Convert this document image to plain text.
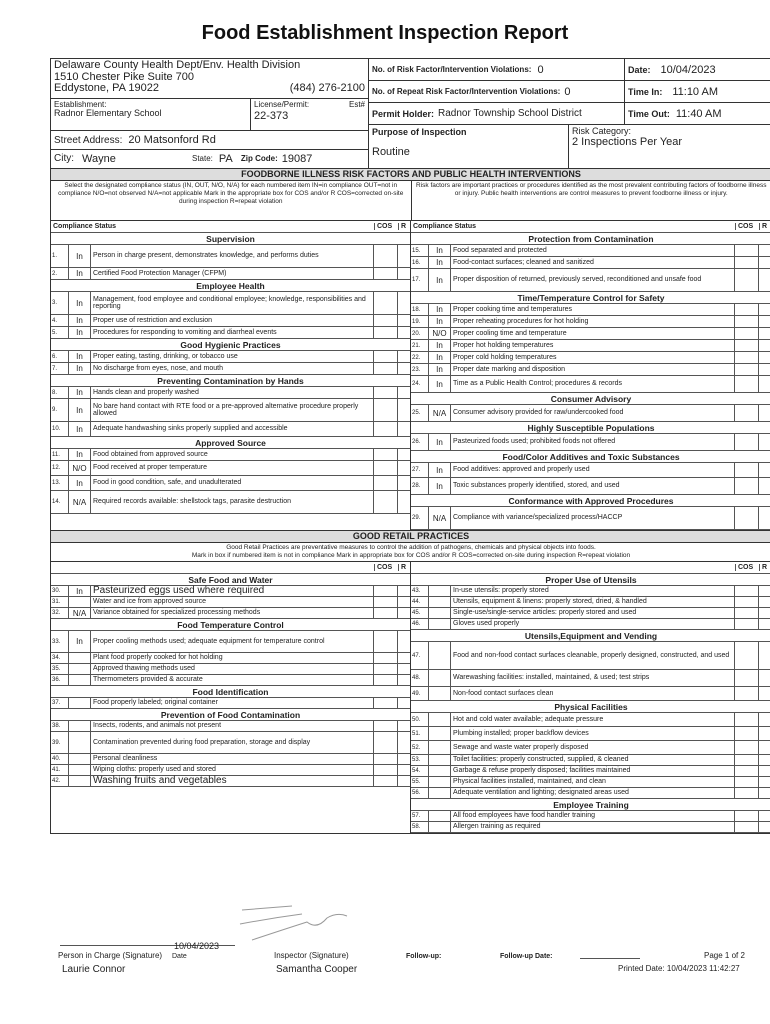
Food Establishment Inspection Report
Delaware County Health Dept/Env. Health Division
1510 Chester Pike Suite 700
Eddystone, PA 19022	(484) 276-2100
Establishment:
Radnor Elementary School
License/Permit:	Est#
22-373
Street Address: 20 Matsonford Rd
City: Wayne	State: PA	Zip Code: 19087
No. of Risk Factor/Intervention Violations: 0	Date: 10/04/2023
No. of Repeat Risk Factor/Intervention Violations: 0	Time In: 11:10 AM
Permit Holder: Radnor Township School District	Time Out: 11:40 AM
Purpose of Inspection
Routine
Risk Category:
2 Inspections Per Year
FOODBORNE ILLNESS RISK FACTORS AND PUBLIC HEALTH INTERVENTIONS
Select the designated compliance status (IN, OUT, N/O, N/A) for each numbered item IN=in compliance OUT=not in compliance N/O=not observed N/A=not applicable Mark in the appropriate box for COS and/or R COS=corrected on-site during inspection R=repeat violation
Risk factors are important practices or procedures identified as the most prevalent contributing factors of foodborne illness or injury. Public health interventions are control measures to prevent foodborne illness or injury.
Compliance Status	COS	R
Supervision
1.	In	Person in charge present, demonstrates knowledge, and performs duties
2.	In	Certified Food Protection Manager (CFPM)
Employee Health
3.	In	Management, food employee and conditional employee; knowledge, responsibilities and reporting
4.	In	Proper use of restriction and exclusion
5.	In	Procedures for responding to vomiting and diarrheal events
Good Hygienic Practices
6.	In	Proper eating, tasting, drinking, or tobacco use
7.	In	No discharge from eyes, nose, and mouth
Preventing Contamination by Hands
8.	In	Hands clean and properly washed
9.	In	No bare hand contact with RTE food or a pre-approved alternative procedure properly allowed
10.	In	Adequate handwashing sinks properly supplied and accessible
Approved Source
11.	In	Food obtained from approved source
12.	N/O Food received at proper temperature
13.	In	Food in good condition, safe, and unadulterated
14.	N/A Required records available: shellstock tags, parasite destruction
Compliance Status	COS	R
Protection from Contamination
15.	In	Food separated and protected
16.	In	Food-contact surfaces; cleaned and sanitized
17.	In	Proper disposition of returned, previously served, reconditioned and unsafe food
Time/Temperature Control for Safety
18.	In	Proper cooking time and temperatures
19.	In	Proper reheating procedures for hot holding
20.	N/O Proper cooling time and temperature
21.	In	Proper hot holding temperatures
22.	In	Proper cold holding temperatures
23.	In	Proper date marking and disposition
24.	In	Time as a Public Health Control; procedures & records
Consumer Advisory
25.	N/A Consumer advisory provided for raw/undercooked food
Highly Susceptible Populations
26.	In	Pasteurized foods used; prohibited foods not offered
Food/Color Additives and Toxic Substances
27.	In	Food additives: approved and properly used
28.	In	Toxic substances properly identified, stored, and used
Conformance with Approved Procedures
29.	N/A Compliance with variance/specialized process/HACCP
GOOD RETAIL PRACTICES
Good Retail Practices are preventative measures to control the addition of pathogens, chemicals and physical objects into foods.
Mark in box if numbered item is not in compliance Mark in appropriate box for COS and/or R COS=corrected on-site during inspection R=repeat violation
COS	R
Safe Food and Water
30.	In	Pasteurized eggs used where required
31.	Water and ice from approved source
32.	N/A Variance obtained for specialized processing methods
Food Temperature Control
33.	In	Proper cooling methods used; adequate equipment for temperature control
34.	Plant food properly cooked for hot holding
35.	Approved thawing methods used
36.	Thermometers provided & accurate
Food Identification
37.	Food properly labeled; original container
Prevention of Food Contamination
38.	Insects, rodents, and animals not present
39.	Contamination prevented during food preparation, storage and display
40.	Personal cleanliness
41.	Wiping cloths: properly used and stored
42.	Washing fruits and vegetables
COS	R
Proper Use of Utensils
43.	In-use utensils: properly stored
44.	Utensils, equipment & linens: properly stored, dried, & handled
45.	Single-use/single-service articles: properly stored and used
46.	Gloves used properly
Utensils,Equipment and Vending
47.	Food and non-food contact surfaces cleanable, properly designed, constructed, and used
48.	Warewashing facilities: installed, maintained, & used; test strips
49.	Non-food contact surfaces clean
Physical Facilities
50.	Hot and cold water available; adequate pressure
51.	Plumbing installed; proper backflow devices
52.	Sewage and waste water properly disposed
53.	Toilet facilities: properly constructed, supplied, & cleaned
54.	Garbage & refuse properly disposed; facilities maintained
55.	Physical facilities installed, maintained, and clean
56.	Adequate ventilation and lighting; designated areas used
Employee Training
57.	All food employees have food handler training
58.	Allergen training as required
Person in Charge (Signature)
10/04/2023
Date
Laurie Connor
Inspector (Signature)
Samantha Cooper
Follow-up:	Follow-up Date:	Page 1 of 2
Printed Date: 10/04/2023 11:42:27
